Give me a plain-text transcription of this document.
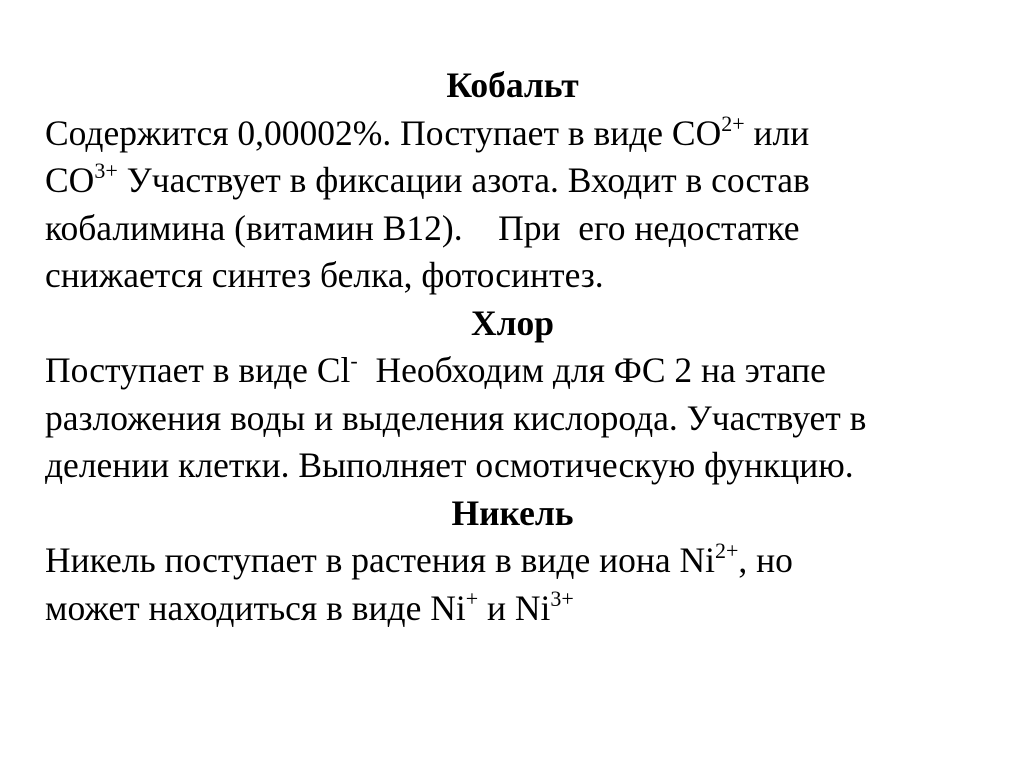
Кобальт
Содержится 0,00002%. Поступает в виде $CO^{2+}$ или
$CO^{3+}$ Участвует в фиксации азота. Входит в состав
кобалимина (витамин В12).    При  его недостатке
снижается синтез белка, фотосинтез.
Хлор
Поступает в виде Cl-  Необходим для ФС 2 на этапе
разложения воды и выделения кислорода. Участвует в
делении клетки. Выполняет осмотическую функцию.
Никель
Никель поступает в растения в виде иона $Ni^{2+}$, но
может находиться в виде Ni+ и $Ni^{3+}$
